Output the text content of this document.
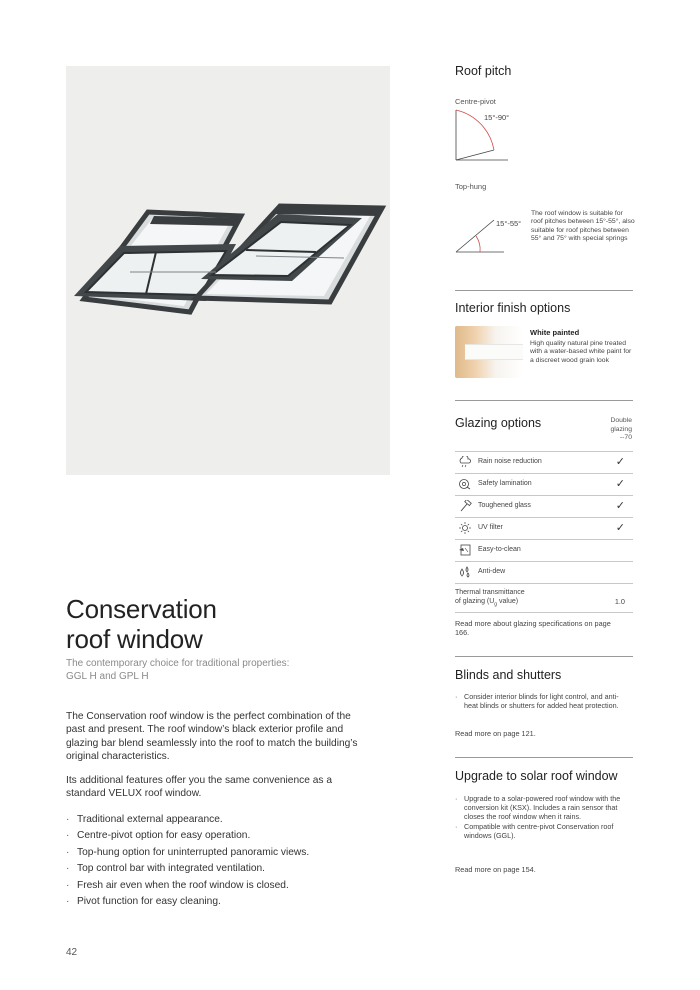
Conservation
roof window
The contemporary choice for traditional properties:
GGL H and GPL H
The Conservation roof window is the perfect combination of the past and present. The roof window’s black exterior profile and glazing bar blend seamlessly into the roof to match the building’s original characteristics.
Its additional features offer you the same convenience as a standard VELUX roof window.
· Traditional external appearance.
· Centre-pivot option for easy operation.
· Top-hung option for uninterrupted panoramic views.
· Top control bar with integrated ventilation.
· Fresh air even when the roof window is closed.
· Pivot function for easy cleaning.
42
Roof pitch
Centre-pivot
15°-90°
Top-hung
15°-55°
The roof window is suitable for roof pitches between 15°-55°, also suitable for roof pitches between 55° and 75° with special springs
Interior finish options
White painted
High quality natural pine treated with a water-based white paint for a discreet wood grain look
Glazing options	Double
glazing
--70
Rain noise reduction	✓
Safety lamination	✓
Toughened glass	✓
UV filter	✓
Easy-to-clean
Anti-dew
Thermal transmittance
of glazing ($U_g$ value)	1.0
Read more about glazing specifications on page 166.
Blinds and shutters
· Consider interior blinds for light control, and anti-heat blinds or shutters for added heat protection.
Read more on page 121.
Upgrade to solar roof window
· Upgrade to a solar-powered roof window with the conversion kit (KSX). Includes a rain sensor that closes the roof window when it rains.
· Compatible with centre-pivot Conservation roof windows (GGL).
Read more on page 154.
